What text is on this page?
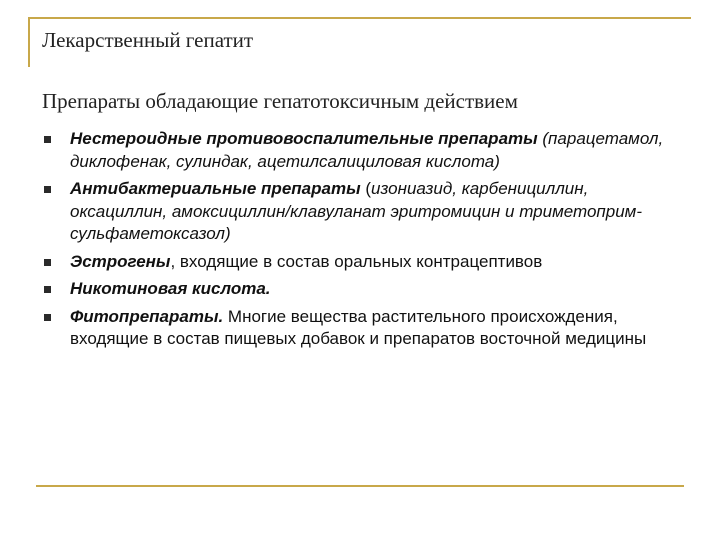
Лекарственный гепатит
Препараты обладающие гепатотоксичным действием
Нестероидные противовоспалительные препараты (парацетамол, диклофенак, сулиндак, ацетилсалициловая кислота)
Антибактериальные препараты (изониазид, карбенициллин, оксациллин, амоксициллин/клавуланат эритромицин и триметоприм-сульфаметоксазол)
Эстрогены, входящие в состав оральных контрацептивов
Никотиновая кислота.
Фитопрепараты. Многие вещества растительного происхождения, входящие в состав пищевых добавок и препаратов восточной медицины
